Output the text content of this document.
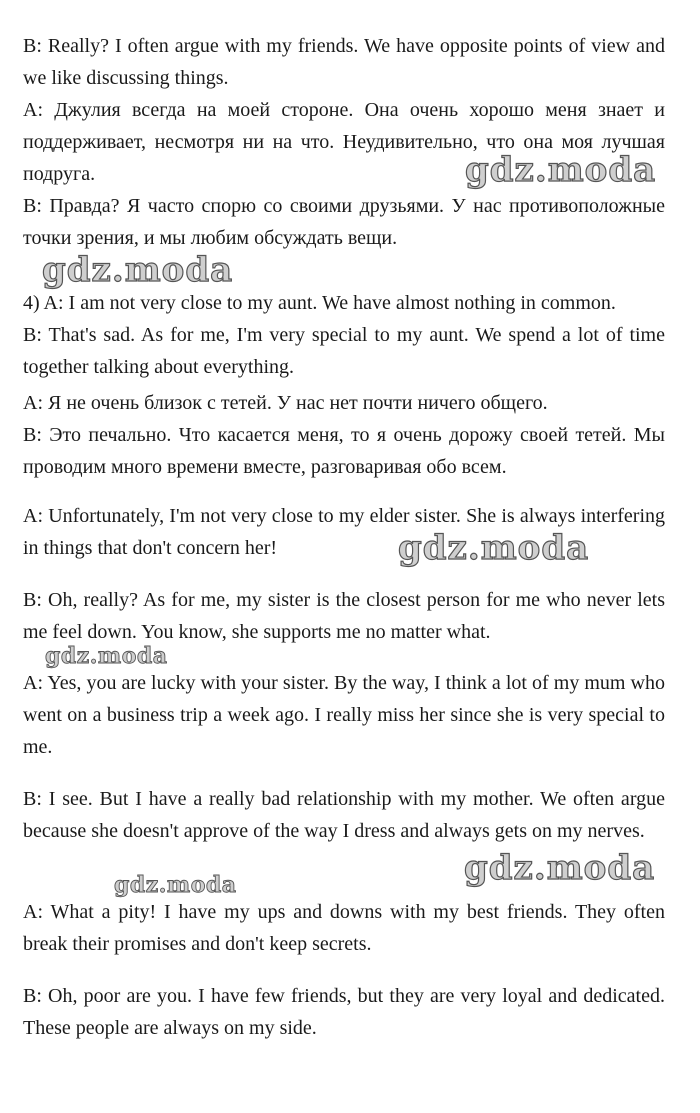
B: Really? I often argue with my friends. We have opposite points of view and we like discussing things.

A: Джулия всегда на моей стороне. Она очень хорошо меня знает и поддерживает, несмотря ни на что. Неудивительно, что она моя лучшая подруга.

B: Правда? Я часто спорю со своими друзьями. У нас противоположные точки зрения, и мы любим обсуждать вещи.

4) A: I am not very close to my aunt. We have almost nothing in common.

B: That's sad. As for me, I'm very special to my aunt. We spend a lot of time together talking about everything.

A: Я не очень близок с тетей. У нас нет почти ничего общего.

B: Это печально. Что касается меня, то я очень дорожу своей тетей. Мы проводим много времени вместе, разговаривая обо всем.

A: Unfortunately, I'm not very close to my elder sister. She is always interfering in things that don't concern her!

B: Oh, really? As for me, my sister is the closest person for me who never lets me feel down. You know, she supports me no matter what.

A: Yes, you are lucky with your sister. By the way, I think a lot of my mum who went on a business trip a week ago. I really miss her since she is very special to me.

B: I see. But I have a really bad relationship with my mother. We often argue because she doesn't approve of the way I dress and always gets on my nerves.

A: What a pity! I have my ups and downs with my best friends. They often break their promises and don't keep secrets.

B: Oh, poor are you. I have few friends, but they are very loyal and dedicated. These people are always on my side.

gdz.moda
gdz.moda
gdz.moda
gdz.moda
gdz.moda
gdz.moda
